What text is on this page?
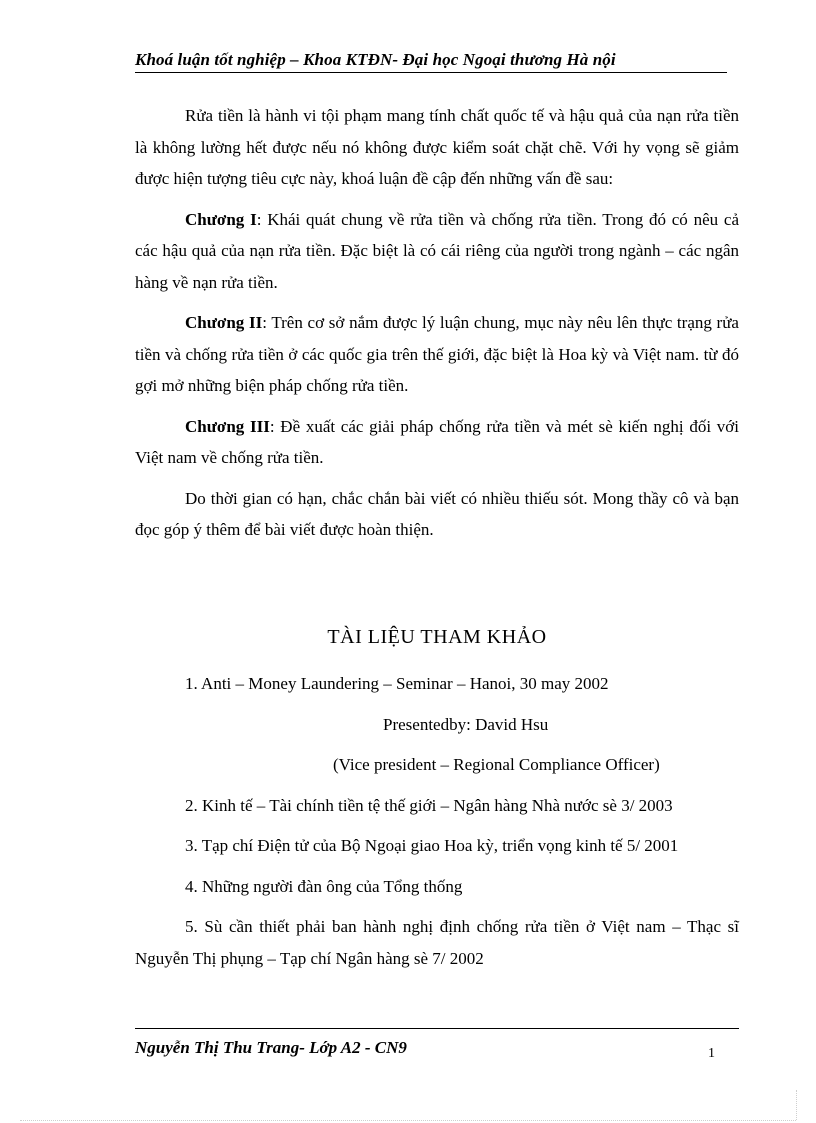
Khoá luận tốt nghiệp – Khoa KTĐN- Đại học Ngoại thương Hà nội

Rửa tiền là hành vi tội phạm mang tính chất quốc tế và hậu quả của nạn rửa tiền là không lường hết được nếu nó không được kiểm soát chặt chẽ. Với hy vọng sẽ giảm được hiện tượng tiêu cực này, khoá luận đề cập đến những vấn đề sau:

Chương I: Khái quát chung về rửa tiền và chống rửa tiền. Trong đó có nêu cả các hậu quả của nạn rửa tiền. Đặc biệt là có cái riêng của người trong ngành – các ngân hàng về nạn rửa tiền.

Chương II: Trên cơ sở nắm được lý luận chung, mục này nêu lên thực trạng rửa tiền và chống rửa tiền ở các quốc gia trên thế giới, đặc biệt là Hoa kỳ và Việt nam. từ đó gợi mở những biện pháp chống rửa tiền.

Chương III: Đề xuất các giải pháp chống rửa tiền và mét sè kiến nghị đối với Việt nam về chống rửa tiền.

Do thời gian có hạn, chắc chắn bài viết có nhiều thiếu sót. Mong thầy cô và bạn đọc góp ý thêm để bài viết được hoàn thiện.

TÀI LIỆU THAM KHẢO
1. Anti – Money Laundering – Seminar – Hanoi, 30 may 2002
Presentedby: David Hsu
(Vice president – Regional Compliance Officer)
2. Kinh tế – Tài chính tiền tệ thế giới – Ngân hàng Nhà nước sè 3/ 2003
3. Tạp chí Điện tử của Bộ Ngoại giao Hoa kỳ, triển vọng kinh tế 5/ 2001
4. Những người đàn ông của Tổng thống
5. Sù cần thiết phải ban hành nghị định chống rửa tiền ở Việt nam – Thạc sĩ Nguyễn Thị phụng – Tạp chí Ngân hàng sè 7/ 2002
Nguyễn Thị Thu Trang- Lớp A2 - CN9	1
